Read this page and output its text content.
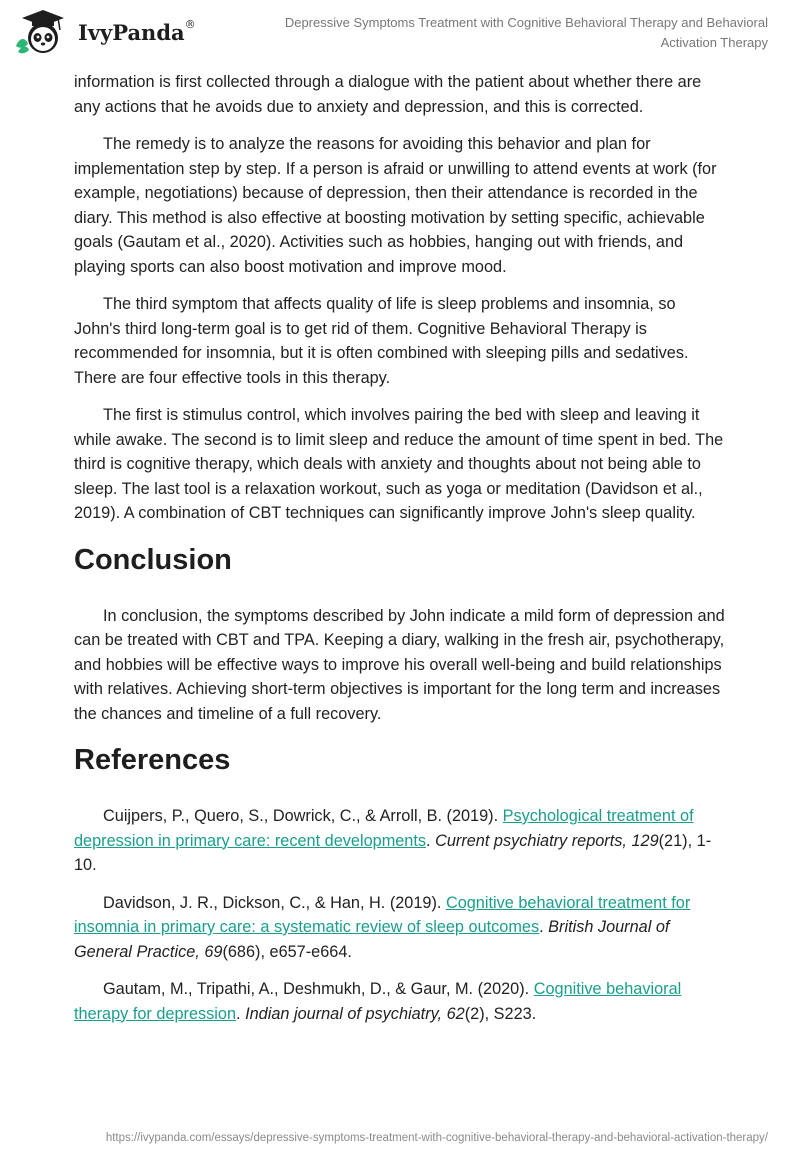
IvyPanda®	Depressive Symptoms Treatment with Cognitive Behavioral Therapy and Behavioral Activation Therapy

information is first collected through a dialogue with the patient about whether there are any actions that he avoids due to anxiety and depression, and this is corrected.

The remedy is to analyze the reasons for avoiding this behavior and plan for implementation step by step. If a person is afraid or unwilling to attend events at work (for example, negotiations) because of depression, then their attendance is recorded in the diary. This method is also effective at boosting motivation by setting specific, achievable goals (Gautam et al., 2020). Activities such as hobbies, hanging out with friends, and playing sports can also boost motivation and improve mood.

The third symptom that affects quality of life is sleep problems and insomnia, so John's third long-term goal is to get rid of them. Cognitive Behavioral Therapy is recommended for insomnia, but it is often combined with sleeping pills and sedatives. There are four effective tools in this therapy.

The first is stimulus control, which involves pairing the bed with sleep and leaving it while awake. The second is to limit sleep and reduce the amount of time spent in bed. The third is cognitive therapy, which deals with anxiety and thoughts about not being able to sleep. The last tool is a relaxation workout, such as yoga or meditation (Davidson et al., 2019). A combination of CBT techniques can significantly improve John's sleep quality.

Conclusion

In conclusion, the symptoms described by John indicate a mild form of depression and can be treated with CBT and TPA. Keeping a diary, walking in the fresh air, psychotherapy, and hobbies will be effective ways to improve his overall well-being and build relationships with relatives. Achieving short-term objectives is important for the long term and increases the chances and timeline of a full recovery.

References

Cuijpers, P., Quero, S., Dowrick, C., & Arroll, B. (2019). Psychological treatment of depression in primary care: recent developments. Current psychiatry reports, 129(21), 1-10.

Davidson, J. R., Dickson, C., & Han, H. (2019). Cognitive behavioral treatment for insomnia in primary care: a systematic review of sleep outcomes. British Journal of General Practice, 69(686), e657-e664.

Gautam, M., Tripathi, A., Deshmukh, D., & Gaur, M. (2020). Cognitive behavioral therapy for depression. Indian journal of psychiatry, 62(2), S223.

https://ivypanda.com/essays/depressive-symptoms-treatment-with-cognitive-behavioral-therapy-and-behavioral-activation-therapy/
